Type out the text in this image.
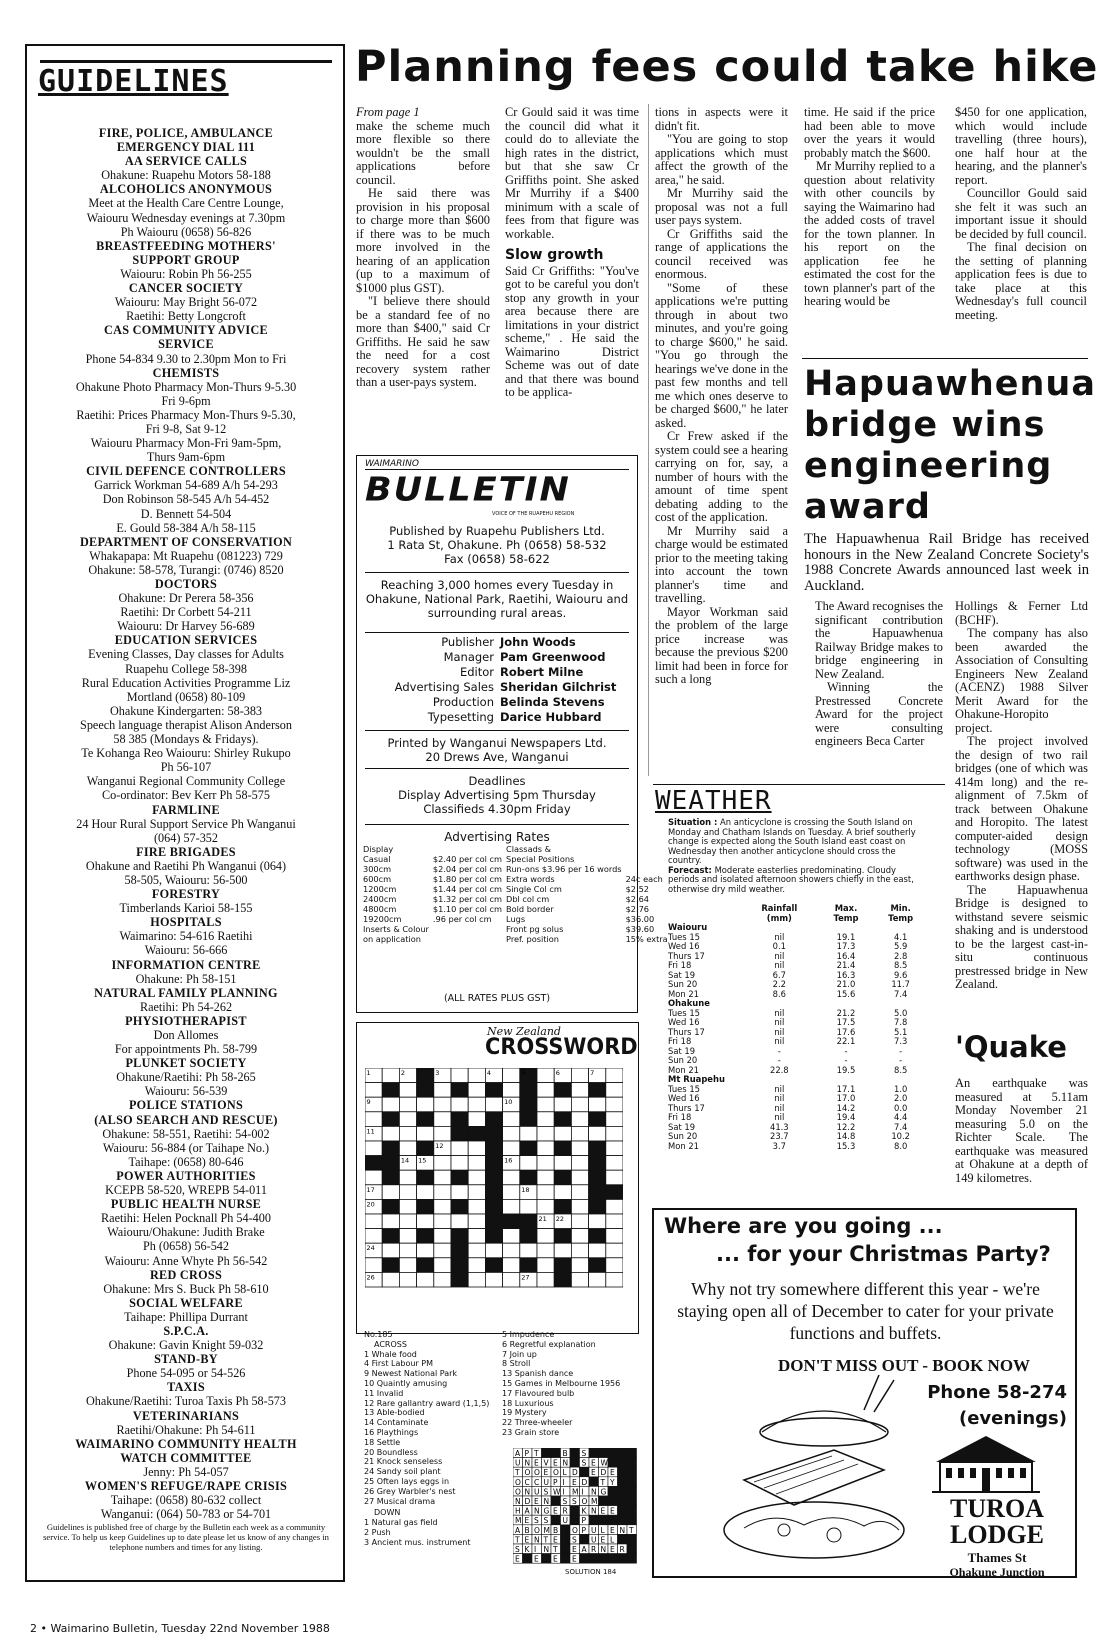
GUIDELINES
FIRE, POLICE, AMBULANCE
EMERGENCY DIAL 111
AA SERVICE CALLS
Ohakune: Ruapehu Motors 58-188
ALCOHOLICS ANONYMOUS
Meet at the Health Care Centre Lounge,
Waiouru Wednesday evenings at 7.30pm
Ph Waiouru (0658) 56-826
BREASTFEEDING MOTHERS'
SUPPORT GROUP
Waiouru: Robin Ph 56-255
CANCER SOCIETY
Waiouru: May Bright 56-072
Raetihi: Betty Longcroft
CAS COMMUNITY ADVICE
SERVICE
Phone 54-834 9.30 to 2.30pm Mon to Fri
CHEMISTS
Ohakune Photo Pharmacy Mon-Thurs 9-5.30
Fri 9-6pm
Raetihi: Prices Pharmacy Mon-Thurs 9-5.30,
Fri 9-8, Sat 9-12
Waiouru Pharmacy Mon-Fri 9am-5pm,
Thurs 9am-6pm
CIVIL DEFENCE CONTROLLERS
Garrick Workman 54-689 A/h 54-293
Don Robinson 58-545 A/h 54-452
D. Bennett 54-504
E. Gould 58-384 A/h 58-115
DEPARTMENT OF CONSERVATION
Whakapapa: Mt Ruapehu (081223) 729
Ohakune: 58-578, Turangi: (0746) 8520
DOCTORS
Ohakune: Dr Perera 58-356
Raetihi: Dr Corbett 54-211
Waiouru: Dr Harvey 56-689
EDUCATION SERVICES
Evening Classes, Day classes for Adults
Ruapehu College 58-398
Rural Education Activities Programme Liz
Mortland (0658) 80-109
Ohakune Kindergarten: 58-383
Speech language therapist Alison Anderson
58 385 (Mondays & Fridays).
Te Kohanga Reo Waiouru: Shirley Rukupo
Ph 56-107
Wanganui Regional Community College
Co-ordinator: Bev Kerr Ph 58-575
FARMLINE
24 Hour Rural Support Service Ph Wanganui
(064) 57-352
FIRE BRIGADES
Ohakune and Raetihi Ph Wanganui (064)
58-505, Waiouru: 56-500
FORESTRY
Timberlands Karioi 58-155
HOSPITALS
Waimarino: 54-616 Raetihi
Waiouru: 56-666
INFORMATION CENTRE
Ohakune: Ph 58-151
NATURAL FAMILY PLANNING
Raetihi: Ph 54-262
PHYSIOTHERAPIST
Don Allomes
For appointments Ph. 58-799
PLUNKET SOCIETY
Ohakune/Raetihi: Ph 58-265
Waiouru: 56-539
POLICE STATIONS
(ALSO SEARCH AND RESCUE)
Ohakune: 58-551, Raetihi: 54-002
Waiouru: 56-884 (or Taihape No.)
Taihape: (0658) 80-646
POWER AUTHORITIES
KCEPB 58-520, WREPB 54-011
PUBLIC HEALTH NURSE
Raetihi: Helen Pocknall Ph 54-400
Waiouru/Ohakune: Judith Brake
Ph (0658) 56-542
Waiouru: Anne Whyte Ph 56-542
RED CROSS
Ohakune: Mrs S. Buck Ph 58-610
SOCIAL WELFARE
Taihape: Phillipa Durrant
S.P.C.A.
Ohakune: Gavin Knight 59-032
STAND-BY
Phone 54-095 or 54-526
TAXIS
Ohakune/Raetihi: Turoa Taxis Ph 58-573
VETERINARIANS
Raetihi/Ohakune: Ph 54-611
WAIMARINO COMMUNITY HEALTH
WATCH COMMITTEE
Jenny: Ph 54-057
WOMEN'S REFUGE/RAPE CRISIS
Taihape: (0658) 80-632 collect
Wanganui: (064) 50-783 or 54-701
Guidelines is published free of charge by the Bulletin each week as a community service. To help us keep Guidelines up to date please let us know of any changes in telephone numbers and times for any listing.
Planning fees could take hike

From page 1

make the scheme much more flexible so there wouldn't be the small applications before council.

He said there was provision in his proposal to charge more than $600 if there was to be much more involved in the hearing of an application (up to a maximum of $1000 plus GST).

"I believe there should be a standard fee of no more than $400," said Cr Griffiths. He said he saw the need for a cost recovery system rather than a user-pays system.

Cr Gould said it was time the council did what it could do to alleviate the high rates in the district, but that she saw Cr Griffiths point. She asked Mr Murrihy if a $400 minimum with a scale of fees from that figure was workable.

Slow growth

Said Cr Griffiths: "You've got to be careful you don't stop any growth in your area because there are limitations in your district scheme," . He said the Waimarino District Scheme was out of date and that there was bound to be applica-

tions in aspects were it didn't fit.

"You are going to stop applications which must affect the growth of the area," he said.

Mr Murrihy said the proposal was not a full user pays system.

Cr Griffiths said the range of applications the council received was enormous.

"Some of these applications we're putting through in about two minutes, and you're going to charge $600," he said. "You go through the hearings we've done in the past few months and tell me which ones deserve to be charged $600," he later asked.

Cr Frew asked if the system could see a hearing carrying on for, say, a number of hours with the amount of time spent debating adding to the cost of the application.

Mr Murrihy said a charge would be estimated prior to the meeting taking into account the town planner's time and travelling.

Mayor Workman said the problem of the large price increase was because the previous $200 limit had been in force for such a long

time. He said if the price had been able to move over the years it would probably match the $600.

Mr Murrihy replied to a question about relativity with other councils by saying the Waimarino had the added costs of travel for the town planner. In his report on the application fee he estimated the cost for the town planner's part of the hearing would be

$450 for one application, which would include travelling (three hours), one half hour at the hearing, and the planner's report.

Councillor Gould said she felt it was such an important issue it should be decided by full council.

The final decision on the setting of planning application fees is due to take place at this Wednesday's full council meeting.

WAIMARINO
BULLETIN
VOICE OF THE RUAPEHU REGION
Published by Ruapehu Publishers Ltd.
1 Rata St, Ohakune. Ph (0658) 58-532
Fax (0658) 58-622
Reaching 3,000 homes every Tuesday in Ohakune, National Park, Raetihi, Waiouru and surrounding rural areas.
Publisher	John Woods
Manager	Pam Greenwood
Editor	Robert Milne
Advertising Sales	Sheridan Gilchrist
Production	Belinda Stevens
Typesetting	Darice Hubbard
Printed by Wanganui Newspapers Ltd.
20 Drews Ave, Wanganui
Deadlines
Display Advertising 5pm Thursday
Classifieds 4.30pm Friday
Advertising Rates
Display		Classads &	
Casual	$2.40 per col cm	Special Positions	
300cm	$2.04 per col cm	Run-ons $3.96 per 16 words	
600cm	$1.80 per col cm	Extra words	24c each
1200cm	$1.44 per col cm	Single Col cm	$2.52
2400cm	$1.32 per col cm	Dbl col cm	$2.64
4800cm	$1.10 per col cm	Bold border	$2.76
19200cm	.96 per col cm	Lugs	$36.00
Inserts & Colour		Front pg solus	$39.60
on application		Pref. position	15% extra
(ALL RATES PLUS GST)
New Zealand
CROSSWORD
1	2	3	4	5	6	7
9	10
11
12
14 15	16
17	18
20
21 22
24
26	27
No.185
ACROSS
1 Whale food
4 First Labour PM
9 Newest National Park
10 Quaintly amusing
11 Invalid
12 Rare gallantry award (1,1,5)
13 Able-bodied
14 Contaminate
16 Playthings
18 Settle
20 Boundless
21 Knock senseless
24 Sandy soil plant
25 Often lays eggs in
26 Grey Warbler's nest
27 Musical drama
DOWN
1 Natural gas field
2 Push
3 Ancient mus. instrument
5 Impudence
6 Regretful explanation
7 Join up
8 Stroll
13 Spanish dance
15 Games in Melbourne 1956
17 Flavoured bulb
18 Luxurious
19 Mystery
22 Three-wheeler
23 Grain store
A P T	B S
U N E V E N S E W
T O O E O L D E D E
O C C U P I E D T Y
O N U S W I M I N G
N D E N S S O M
H A N G E R K N E E
M E S S U P
A B O M B O P U L E N T
T E N T E S U E L
S K I N T E A R N E R
E E E E
SOLUTION 184
WEATHER
Situation : An anticyclone is crossing the South Island on Monday and Chatham Islands on Tuesday. A brief southerly change is expected along the South Island east coast on Wednesday then another anticyclone should cross the country.
Forecast: Moderate easterlies predominating. Cloudy periods and isolated afternoon showers chiefly in the east, otherwise dry mild weather.
	Rainfall	Max.	Min.
	(mm)	Temp	Temp
Waiouru			
Tues 15	nil	19.1	4.1
Wed 16	0.1	17.3	5.9
Thurs 17	nil	16.4	2.8
Fri 18	nil	21.4	8.5
Sat 19	6.7	16.3	9.6
Sun 20	2.2	21.0	11.7
Mon 21	8.6	15.6	7.4
Ohakune			
Tues 15	nil	21.2	5.0
Wed 16	nil	17.5	7.8
Thurs 17	nil	17.6	5.1
Fri 18	nil	22.1	7.3
Sat 19	-	-	-
Sun 20	-	-	-
Mon 21	22.8	19.5	8.5
Mt Ruapehu			
Tues 15	nil	17.1	1.0
Wed 16	nil	17.0	2.0
Thurs 17	nil	14.2	0.0
Fri 18	nil	19.4	4.4
Sat 19	41.3	12.2	7.4
Sun 20	23.7	14.8	10.2
Mon 21	3.7	15.3	8.0
Hapuawhenua bridge wins engineering award
The Hapuawhenua Rail Bridge has received honours in the New Zealand Concrete Society's 1988 Concrete Awards announced last week in Auckland.

The Award recognises the significant contribution the Hapuawhenua Railway Bridge makes to bridge engineering in New Zealand.

Winning the Prestressed Concrete Award for the project were consulting engineers Beca Carter

Hollings & Ferner Ltd (BCHF).

The company has also been awarded the Association of Consulting Engineers New Zealand (ACENZ) 1988 Silver Merit Award for the Ohakune-Horopito project.

The project involved the design of two rail bridges (one of which was 414m long) and the re-alignment of 7.5km of track between Ohakune and Horopito. The latest computer-aided design technology (MOSS software) was used in the earthworks design phase.

The Hapuawhenua Bridge is designed to withstand severe seismic shaking and is understood to be the largest cast-in-situ continuous prestressed bridge in New Zealand.

'Quake
An earthquake was measured at 5.11am Monday November 21 measuring 5.0 on the Richter Scale. The earthquake was measured at Ohakune at a depth of 149 kilometres.
Where are you going ...
... for your Christmas Party?
Why not try somewhere different this year - we're staying open all of December to cater for your private functions and buffets.
DON'T MISS OUT - BOOK NOW
Phone 58-274
(evenings)
TUROA
LODGE
Thames St
Ohakune Junction
2 • Waimarino Bulletin, Tuesday 22nd November 1988
